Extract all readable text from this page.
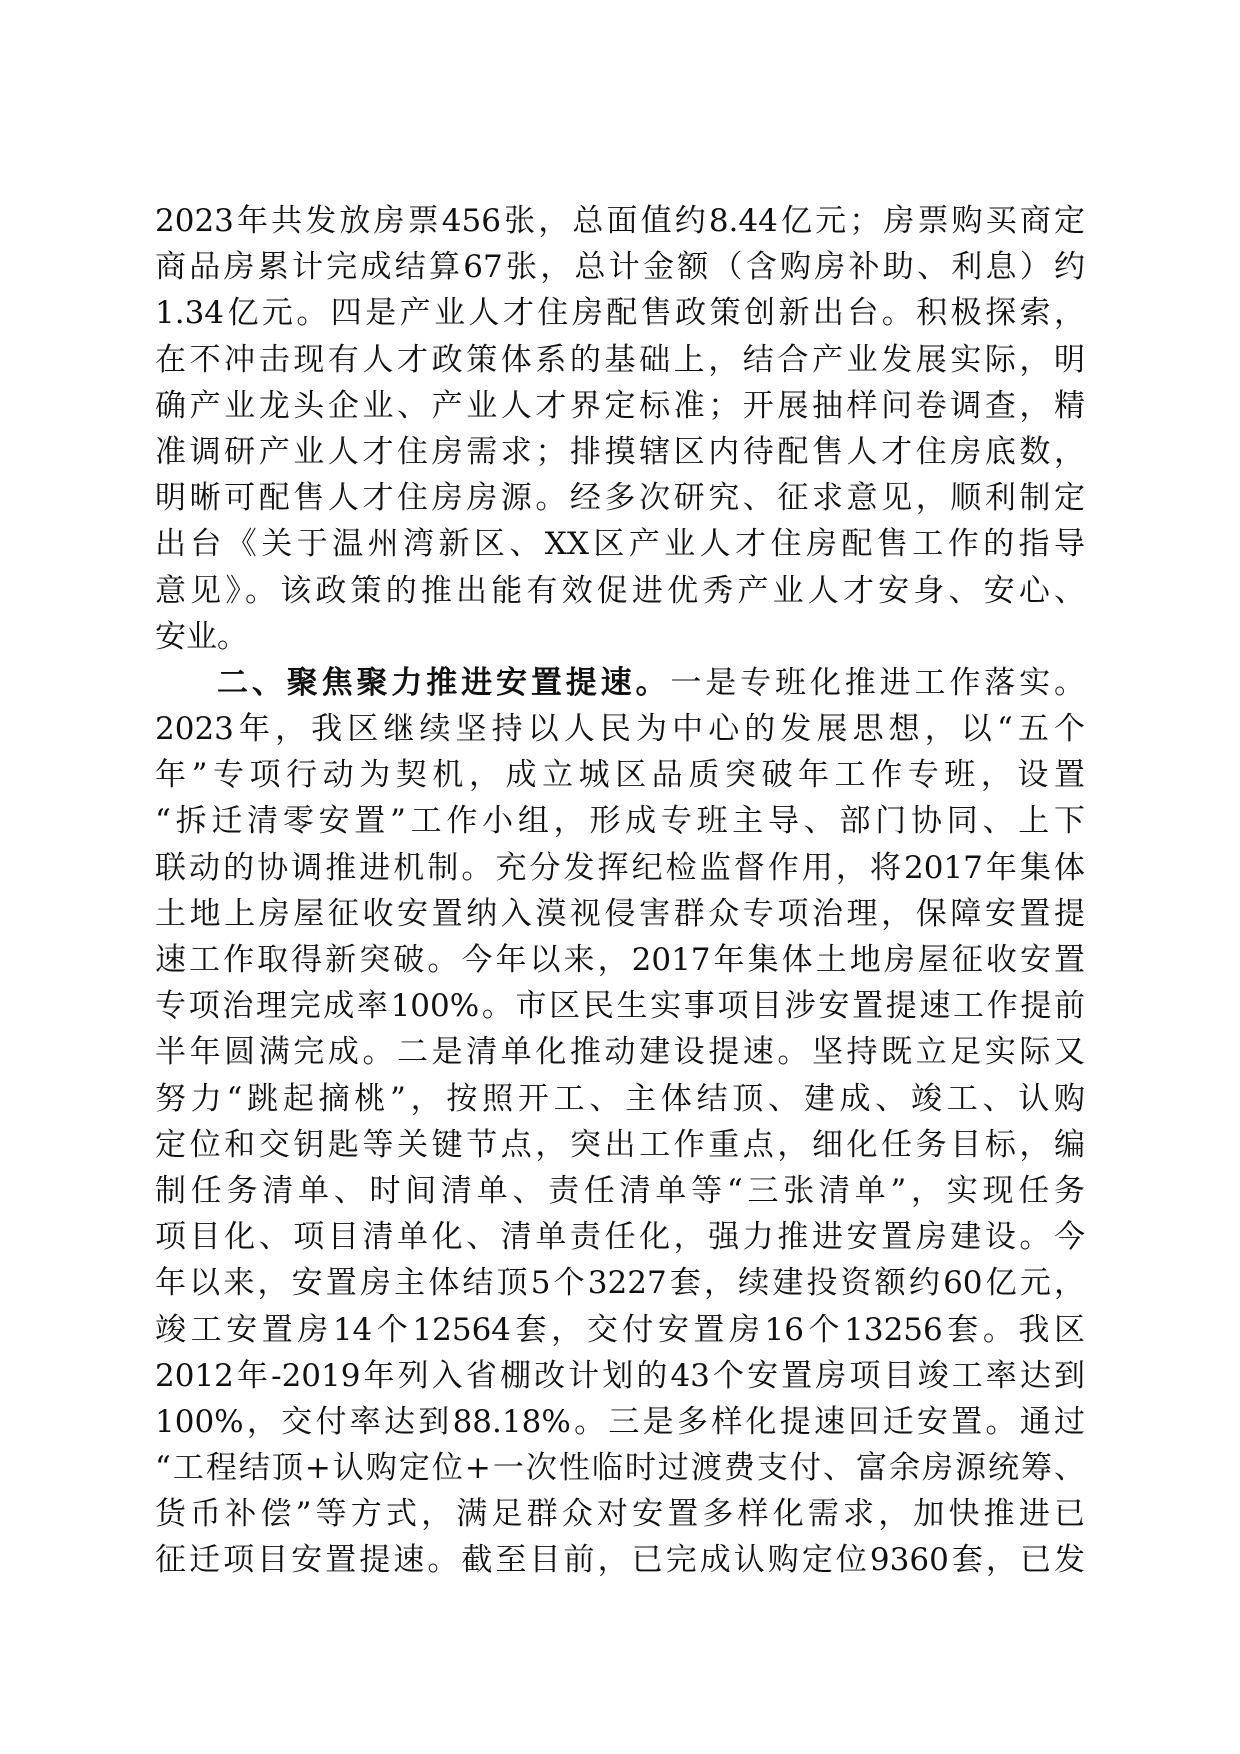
2023年共发放房票456张，总面值约8.44亿元；房票购买商定
商品房累计完成结算67张，总计金额（含购房补助、利息）约
1.34亿元。四是产业人才住房配售政策创新出台。积极探索，
在不冲击现有人才政策体系的基础上，结合产业发展实际，明
确产业龙头企业、产业人才界定标准；开展抽样问卷调查，精
准调研产业人才住房需求；排摸辖区内待配售人才住房底数，
明晰可配售人才住房房源。经多次研究、征求意见，顺利制定
出台《关于温州湾新区、XX区产业人才住房配售工作的指导
意见》。该政策的推出能有效促进优秀产业人才安身、安心、
安业。
二、聚焦聚力推进安置提速。一是专班化推进工作落实。
2023年，我区继续坚持以人民为中心的发展思想，以“五个
年”专项行动为契机，成立城区品质突破年工作专班，设置
“拆迁清零安置”工作小组，形成专班主导、部门协同、上下
联动的协调推进机制。充分发挥纪检监督作用，将2017年集体
土地上房屋征收安置纳入漠视侵害群众专项治理，保障安置提
速工作取得新突破。今年以来，2017年集体土地房屋征收安置
专项治理完成率100%。市区民生实事项目涉安置提速工作提前
半年圆满完成。二是清单化推动建设提速。坚持既立足实际又
努力“跳起摘桃”，按照开工、主体结顶、建成、竣工、认购
定位和交钥匙等关键节点，突出工作重点，细化任务目标，编
制任务清单、时间清单、责任清单等“三张清单”，实现任务
项目化、项目清单化、清单责任化，强力推进安置房建设。今
年以来，安置房主体结顶5个3227套，续建投资额约60亿元，
竣工安置房14个12564套，交付安置房16个13256套。我区
2012年-2019年列入省棚改计划的43个安置房项目竣工率达到
100%，交付率达到88.18%。三是多样化提速回迁安置。通过
“工程结顶+认购定位+一次性临时过渡费支付、富余房源统筹、
货币补偿”等方式，满足群众对安置多样化需求，加快推进已
征迁项目安置提速。截至目前，已完成认购定位9360套，已发
